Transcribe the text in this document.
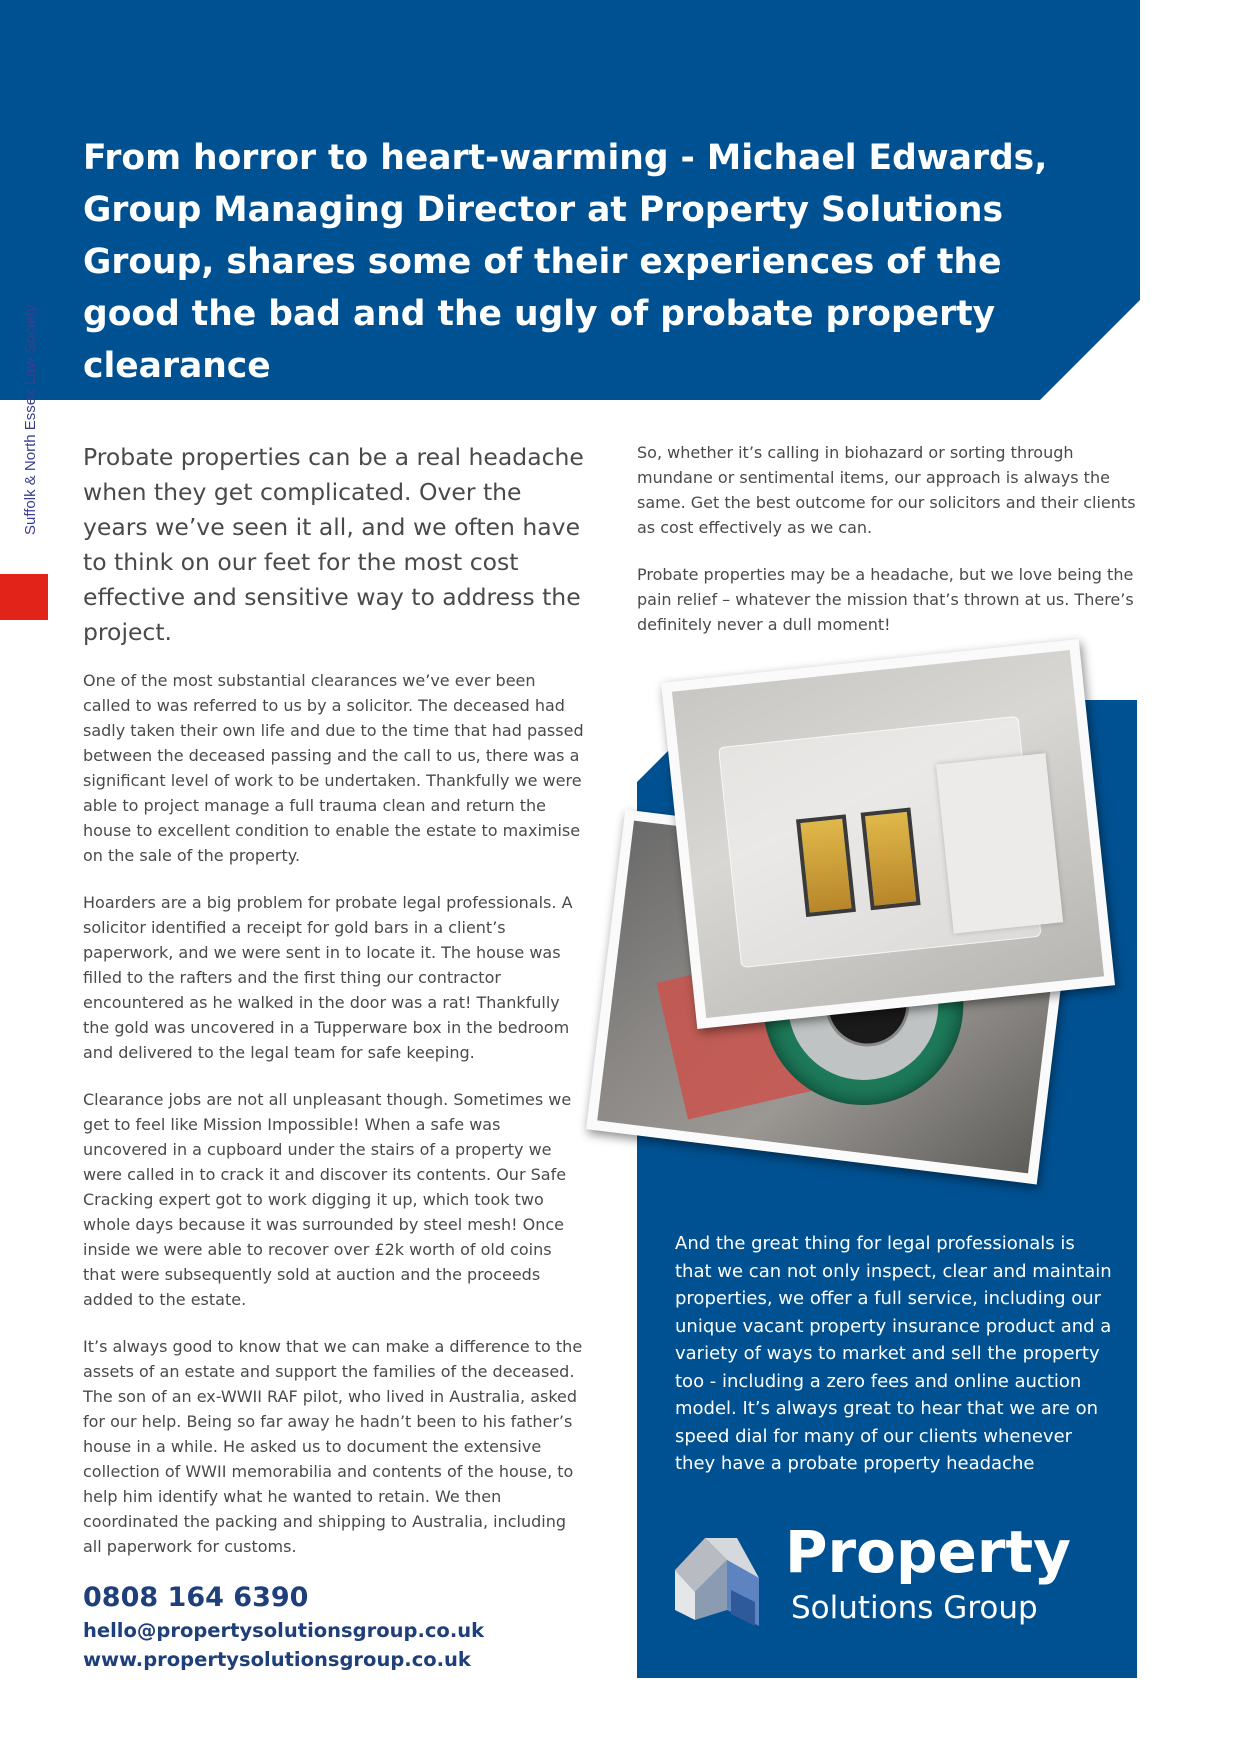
From horror to heart-warming - Michael Edwards, Group Managing Director at Property Solutions Group, shares some of their experiences of the good the bad and the ugly of probate property clearance
Suffolk & North Essex Law Society Probate properties can be a real headache when they get complicated. Over the years we’ve seen it all, and we often have to think on our feet for the most cost effective and sensitive way to address the project.

One of the most substantial clearances we’ve ever been called to was referred to us by a solicitor. The deceased had sadly taken their own life and due to the time that had passed between the deceased passing and the call to us, there was a significant level of work to be undertaken. Thankfully we were able to project manage a full trauma clean and return the house to excellent condition to enable the estate to maximise on the sale of the property.

Hoarders are a big problem for probate legal professionals. A solicitor identified a receipt for gold bars in a client’s paperwork, and we were sent in to locate it. The house was filled to the rafters and the first thing our contractor encountered as he walked in the door was a rat! Thankfully the gold was uncovered in a Tupperware box in the bedroom and delivered to the legal team for safe keeping.

Clearance jobs are not all unpleasant though. Sometimes we get to feel like Mission Impossible! When a safe was uncovered in a cupboard under the stairs of a property we were called in to crack it and discover its contents. Our Safe Cracking expert got to work digging it up, which took two whole days because it was surrounded by steel mesh! Once inside we were able to recover over £2k worth of old coins that were subsequently sold at auction and the proceeds added to the estate.

It’s always good to know that we can make a difference to the assets of an estate and support the families of the deceased. The son of an ex-WWII RAF pilot, who lived in Australia, asked for our help. Being so far away he hadn’t been to his father’s house in a while. He asked us to document the extensive collection of WWII memorabilia and contents of the house, to help him identify what he wanted to retain. We then coordinated the packing and shipping to Australia, including all paperwork for customs.

So, whether it’s calling in biohazard or sorting through mundane or sentimental items, our approach is always the same. Get the best outcome for our solicitors and their clients as cost effectively as we can.

Probate properties may be a headache, but we love being the pain relief – whatever the mission that’s thrown at us. There’s definitely never a dull moment!

And the great thing for legal professionals is that we can not only inspect, clear and maintain properties, we offer a full service, including our unique vacant property insurance product and a variety of ways to market and sell the property too - including a zero fees and online auction model. It’s always great to hear that we are on speed dial for many of our clients whenever they have a probate property headache

Property

Solutions Group

0808 164 6390

hello@propertysolutionsgroup.co.uk

www.propertysolutionsgroup.co.uk
